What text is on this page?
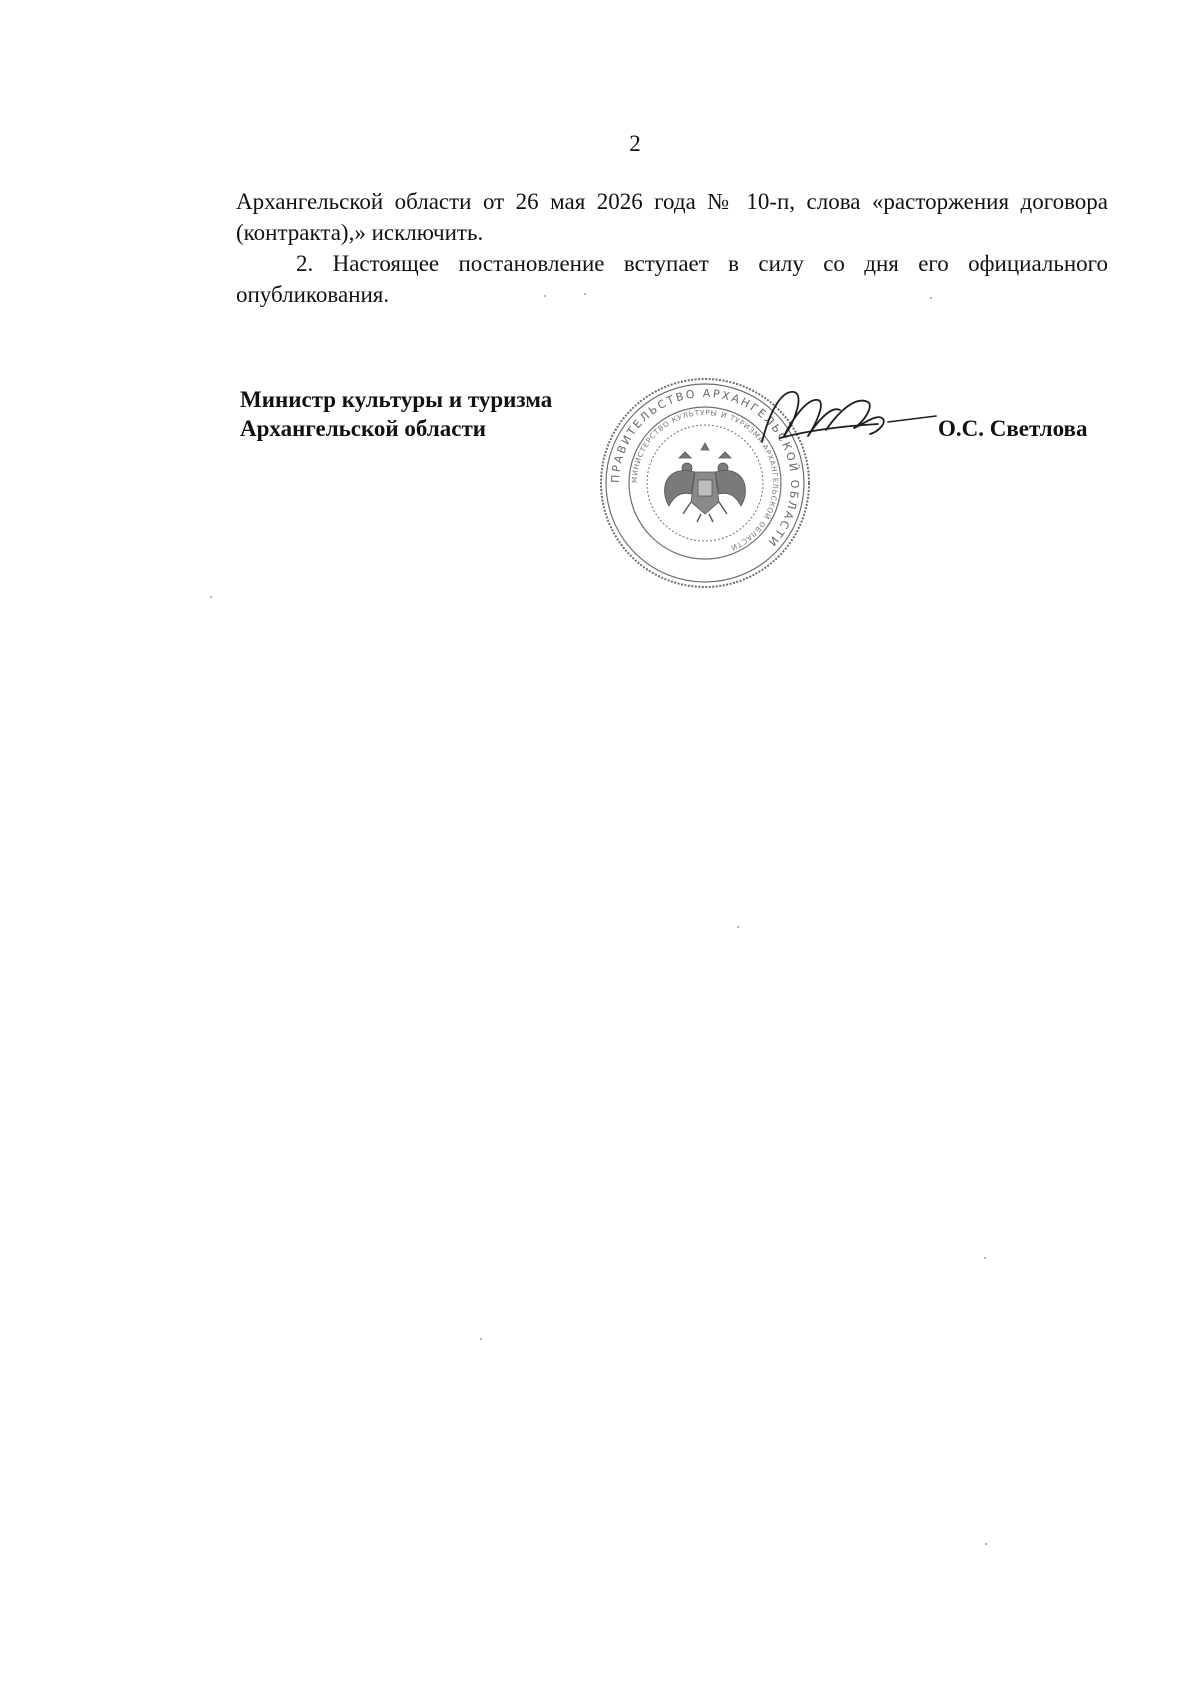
2

Архангельской области от 26 мая 2026 года № 10-п, слова «расторжения договора (контракта),» исключить.

2. Настоящее постановление вступает в силу со дня его официального опубликования.

Министр культуры и туризма
Архангельской области
ПРАВИТЕЛЬСТВО АРХАНГЕЛЬСКОЙ ОБЛАСТИ
МИНИСТЕРСТВО КУЛЬТУРЫ И ТУРИЗМА АРХАНГЕЛЬСКОЙ ОБЛАСТИ
О.С. Светлова
